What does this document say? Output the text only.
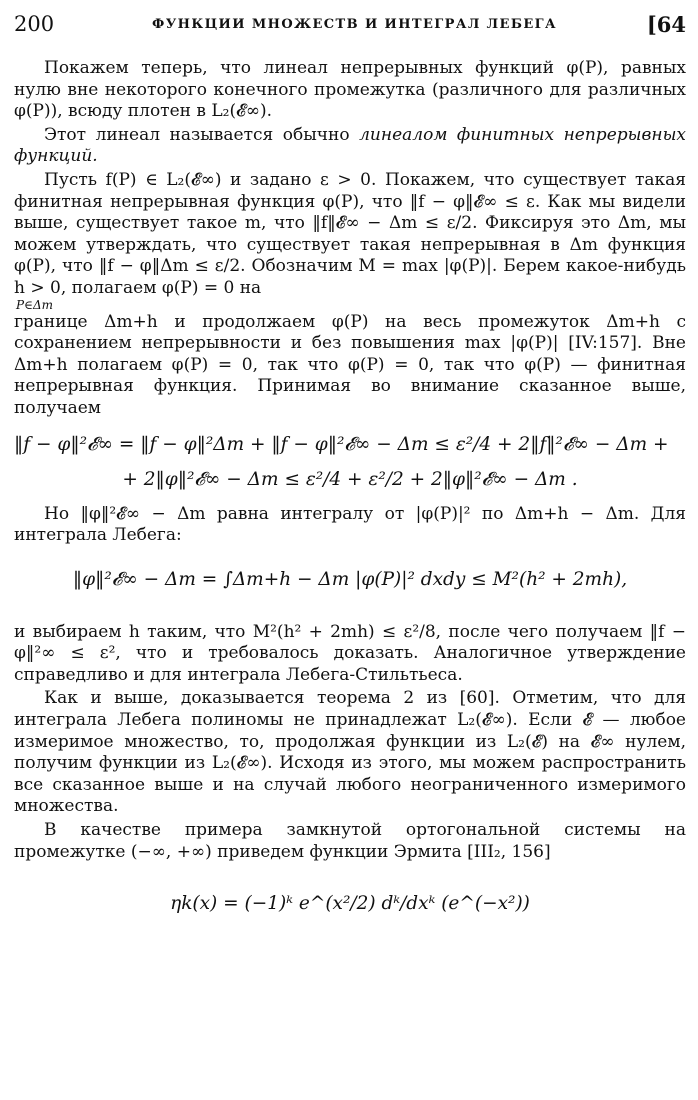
200	ФУНКЦИИ МНОЖЕСТВ И ИНТЕГРАЛ ЛЕБЕГА	[64

Покажем теперь, что линеал непрерывных функций φ(P), равных нулю вне некоторого конечного промежутка (различного для различных φ(P)), всюду плотен в L₂(𝓔∞).

Этот линеал называется обычно линеалом финитных непрерывных функций.

Пусть f(P) ∈ L₂(𝓔∞) и задано ε > 0. Покажем, что существует такая финитная непрерывная функция φ(P), что ‖f − φ‖𝓔∞ ≤ ε. Как мы видели выше, существует такое m, что ‖f‖𝓔∞ − Δm ≤ ε/2. Фиксируя это Δm, мы можем утверждать, что существует такая непрерывная в Δm функция φ(P), что ‖f − φ‖Δm ≤ ε/2. Обозначим M = max |φ(P)|. Берем какое-нибудь h > 0, полагаем φ(P) = 0 на

P∈Δm

границе Δm+h и продолжаем φ(P) на весь промежуток Δm+h с сохранением непрерывности и без повышения max |φ(P)| [IV:157]. Вне Δm+h полагаем φ(P) = 0, так что φ(P) = 0, так что φ(P) — финитная непрерывная функция. Принимая во внимание сказанное выше, получаем

‖f − φ‖²𝓔∞ = ‖f − φ‖²Δm + ‖f − φ‖²𝓔∞ − Δm ≤ ε²/4 + 2‖f‖²𝓔∞ − Δm +
+ 2‖φ‖²𝓔∞ − Δm ≤ ε²/4 + ε²/2 + 2‖φ‖²𝓔∞ − Δm .

Но ‖φ‖²𝓔∞ − Δm равна интегралу от |φ(P)|² по Δm+h − Δm. Для интеграла Лебега:

‖φ‖²𝓔∞ − Δm = ∫Δm+h − Δm |φ(P)|² dxdy ≤ M²(h² + 2mh),

и выбираем h таким, что M²(h² + 2mh) ≤ ε²/8, после чего получаем ‖f − φ‖²∞ ≤ ε², что и требовалось доказать. Аналогичное утверждение справедливо и для интеграла Лебега-Стильтьеса.

Как и выше, доказывается теорема 2 из [60]. Отметим, что для интеграла Лебега полиномы не принадлежат L₂(𝓔∞). Если 𝓔 — любое измеримое множество, то, продолжая функции из L₂(𝓔) на 𝓔∞ нулем, получим функции из L₂(𝓔∞). Исходя из этого, мы можем распространить все сказанное выше и на случай любого неограниченного измеримого множества.

В качестве примера замкнутой ортогональной системы на промежутке (−∞, +∞) приведем функции Эрмита [III₂, 156]

ηk(x) = (−1)ᵏ e^(x²/2) dᵏ/dxᵏ (e^(−x²))
